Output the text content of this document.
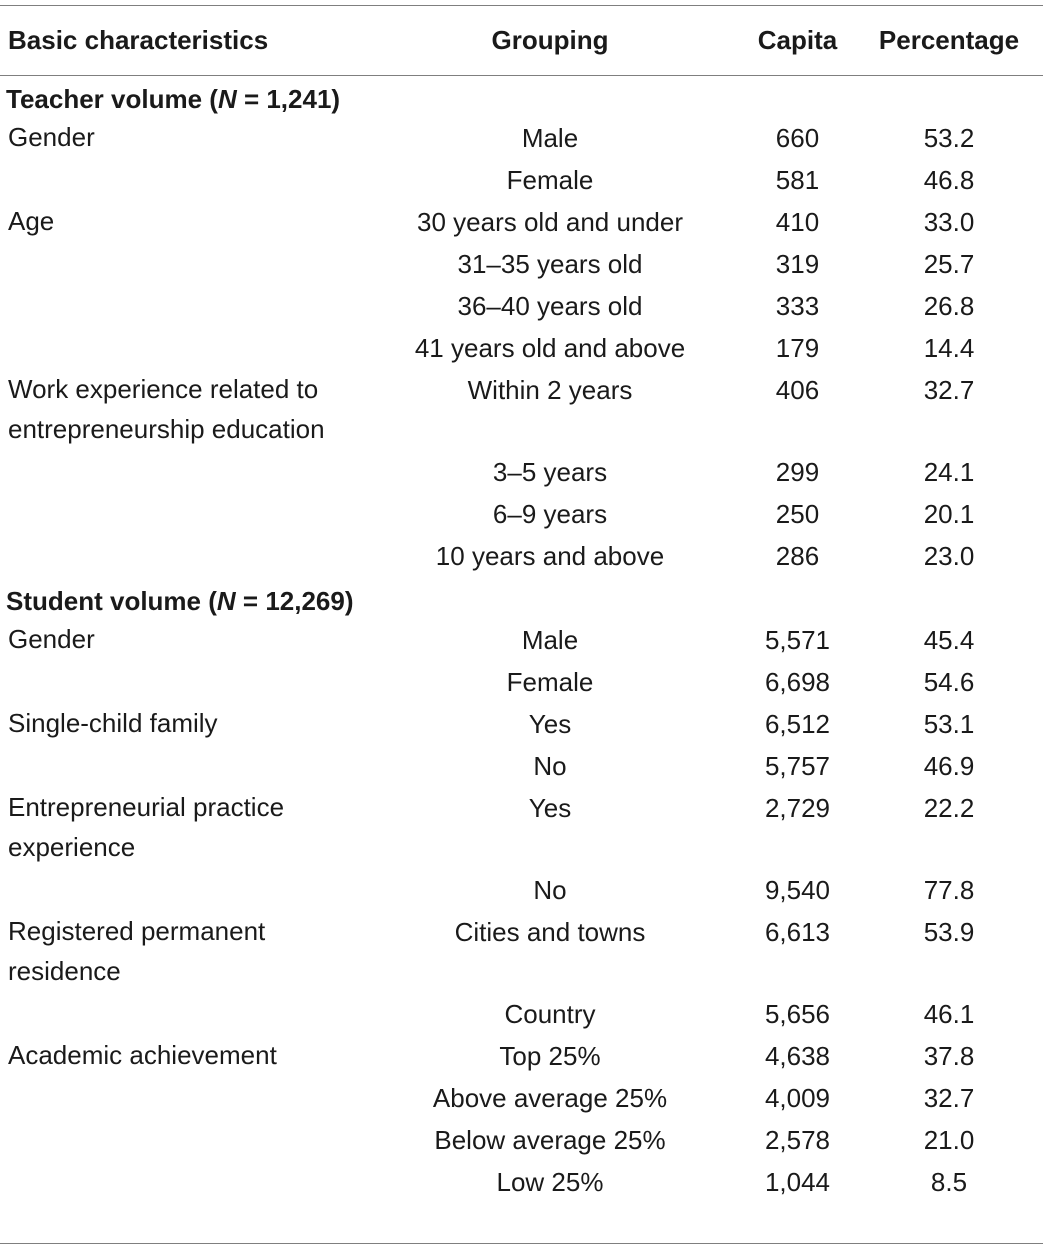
Basic characteristics	Grouping	Capita	Percentage
Teacher volume (N = 1,241)			
Gender	Male	660	53.2
	Female	581	46.8
Age	30 years old and under	410	33.0
	31–35 years old	319	25.7
	36–40 years old	333	26.8
	41 years old and above	179	14.4
Work experience related to entrepreneurship education	Within 2 years	406	32.7
	3–5 years	299	24.1
	6–9 years	250	20.1
	10 years and above	286	23.0
Student volume (N = 12,269)			
Gender	Male	5,571	45.4
	Female	6,698	54.6
Single-child family	Yes	6,512	53.1
	No	5,757	46.9
Entrepreneurial practice experience	Yes	2,729	22.2
	No	9,540	77.8
Registered permanent residence	Cities and towns	6,613	53.9
	Country	5,656	46.1
Academic achievement	Top 25%	4,638	37.8
	Above average 25%	4,009	32.7
	Below average 25%	2,578	21.0
	Low 25%	1,044	8.5
